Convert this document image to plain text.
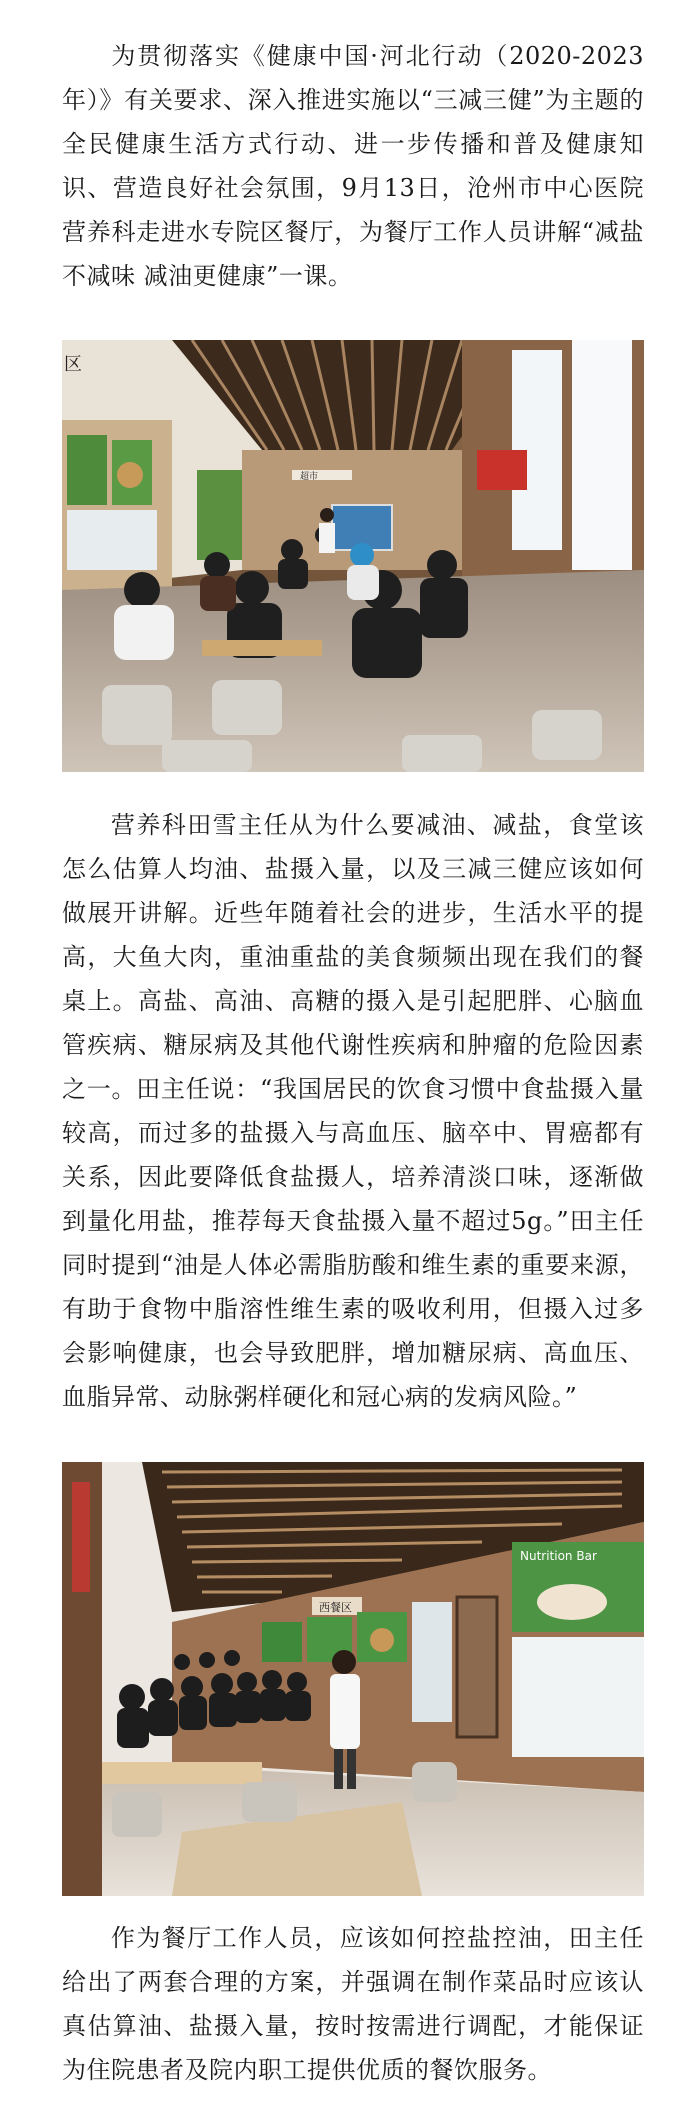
为贯彻落实《健康中国·河北行动（2020-2023年）》有关要求、深入推进实施以“三减三健”为主题的全民健康生活方式行动、进一步传播和普及健康知识、营造良好社会氛围，9月13日，沧州市中心医院营养科走进水专院区餐厅，为餐厅工作人员讲解“减盐不减味 减油更健康”一课。

区
超市

营养科田雪主任从为什么要减油、减盐，食堂该怎么估算人均油、盐摄入量，以及三减三健应该如何做展开讲解。近些年随着社会的进步，生活水平的提高，大鱼大肉，重油重盐的美食频频出现在我们的餐桌上。高盐、高油、高糖的摄入是引起肥胖、心脑血管疾病、糖尿病及其他代谢性疾病和肿瘤的危险因素之一。田主任说：“我国居民的饮食习惯中食盐摄入量较高，而过多的盐摄入与高血压、脑卒中、胃癌都有关系，因此要降低食盐摄人，培养清淡口味，逐渐做到量化用盐，推荐每天食盐摄入量不超过5g。”田主任同时提到“油是人体必需脂肪酸和维生素的重要来源，有助于食物中脂溶性维生素的吸收利用，但摄入过多会影响健康，也会导致肥胖，增加糖尿病、高血压、血脂异常、动脉粥样硬化和冠心病的发病风险。”

西餐区
Nutrition Bar

作为餐厅工作人员，应该如何控盐控油，田主任给出了两套合理的方案，并强调在制作菜品时应该认真估算油、盐摄入量，按时按需进行调配，才能保证为住院患者及院内职工提供优质的餐饮服务。
